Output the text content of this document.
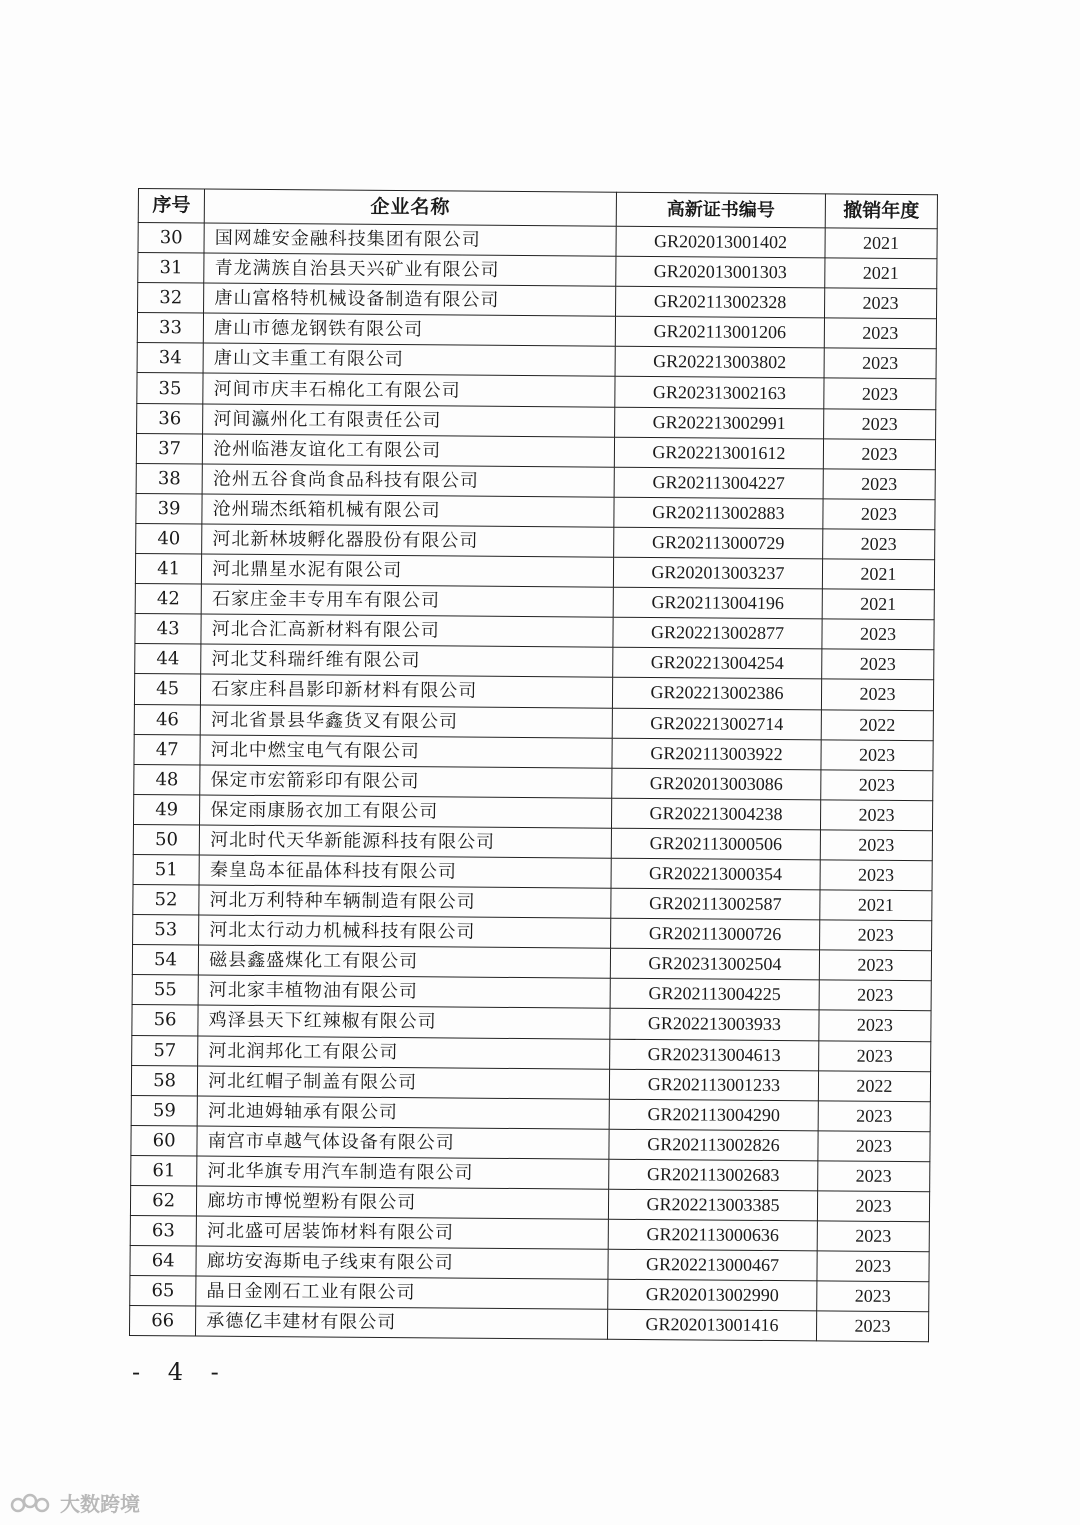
序号	企业名称	高新证书编号	撤销年度
30	国网雄安金融科技集团有限公司	GR202013001402	2021
31	青龙满族自治县天兴矿业有限公司	GR202013001303	2021
32	唐山富格特机械设备制造有限公司	GR202113002328	2023
33	唐山市德龙钢铁有限公司	GR202113001206	2023
34	唐山文丰重工有限公司	GR202213003802	2023
35	河间市庆丰石棉化工有限公司	GR202313002163	2023
36	河间瀛州化工有限责任公司	GR202213002991	2023
37	沧州临港友谊化工有限公司	GR202213001612	2023
38	沧州五谷食尚食品科技有限公司	GR202113004227	2023
39	沧州瑞杰纸箱机械有限公司	GR202113002883	2023
40	河北新林坡孵化器股份有限公司	GR202113000729	2023
41	河北鼎星水泥有限公司	GR202013003237	2021
42	石家庄金丰专用车有限公司	GR202113004196	2021
43	河北合汇高新材料有限公司	GR202213002877	2023
44	河北艾科瑞纤维有限公司	GR202213004254	2023
45	石家庄科昌影印新材料有限公司	GR202213002386	2023
46	河北省景县华鑫货叉有限公司	GR202213002714	2022
47	河北中燃宝电气有限公司	GR202113003922	2023
48	保定市宏箭彩印有限公司	GR202013003086	2023
49	保定雨康肠衣加工有限公司	GR202213004238	2023
50	河北时代天华新能源科技有限公司	GR202113000506	2023
51	秦皇岛本征晶体科技有限公司	GR202213000354	2023
52	河北万利特种车辆制造有限公司	GR202113002587	2021
53	河北太行动力机械科技有限公司	GR202113000726	2023
54	磁县鑫盛煤化工有限公司	GR202313002504	2023
55	河北家丰植物油有限公司	GR202113004225	2023
56	鸡泽县天下红辣椒有限公司	GR202213003933	2023
57	河北润邦化工有限公司	GR202313004613	2023
58	河北红帽子制盖有限公司	GR202113001233	2022
59	河北迪姆轴承有限公司	GR202113004290	2023
60	南宫市卓越气体设备有限公司	GR202113002826	2023
61	河北华旗专用汽车制造有限公司	GR202113002683	2023
62	廊坊市博悦塑粉有限公司	GR202213003385	2023
63	河北盛可居装饰材料有限公司	GR202113000636	2023
64	廊坊安海斯电子线束有限公司	GR202213000467	2023
65	晶日金刚石工业有限公司	GR202013002990	2023
66	承德亿丰建材有限公司	GR202013001416	2023
- 4 -
大数跨境
